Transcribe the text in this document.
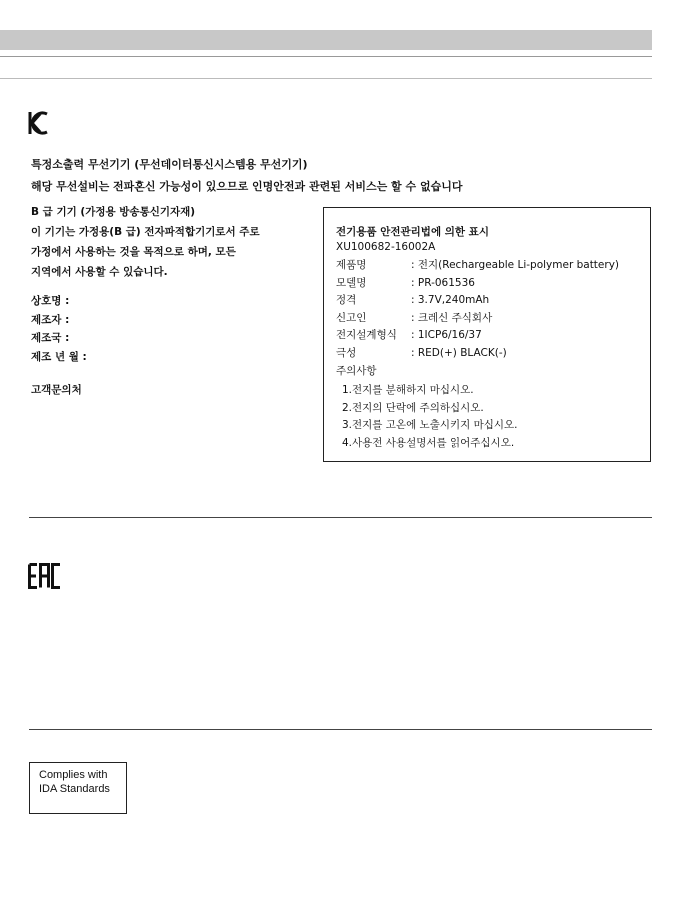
특정소출력 무선기기 (무선데이터통신시스템용 무선기기)
해당 무선설비는 전파혼신 가능성이 있으므로 인명안전과 관련된 서비스는 할 수 없습니다
B 급 기기 (가정용 방송통신기자재)
이 기기는 가정용(B 급) 전자파적합기기로서 주로
가정에서 사용하는 것을 목적으로 하며, 모든
지역에서 사용할 수 있습니다.
상호명 :
제조자 :
제조국 :
제조 년 월 :
고객문의처
전기용품 안전관리법에 의한 표시
XU100682-16002A
제품명	: 전지(Rechargeable Li-polymer battery)
모델명	: PR-061536
정격	: 3.7V,240mAh
신고인	: 크레신 주식회사
전지설계형식	: 1ICP6/16/37
극성	: RED(+) BLACK(-)
주의사항
1.전지를 분해하지 마십시오.
2.전지의 단락에 주의하십시오.
3.전지를 고온에 노출시키지 마십시오.
4.사용전 사용설명서를 읽어주십시오.
Complies with
IDA Standards
